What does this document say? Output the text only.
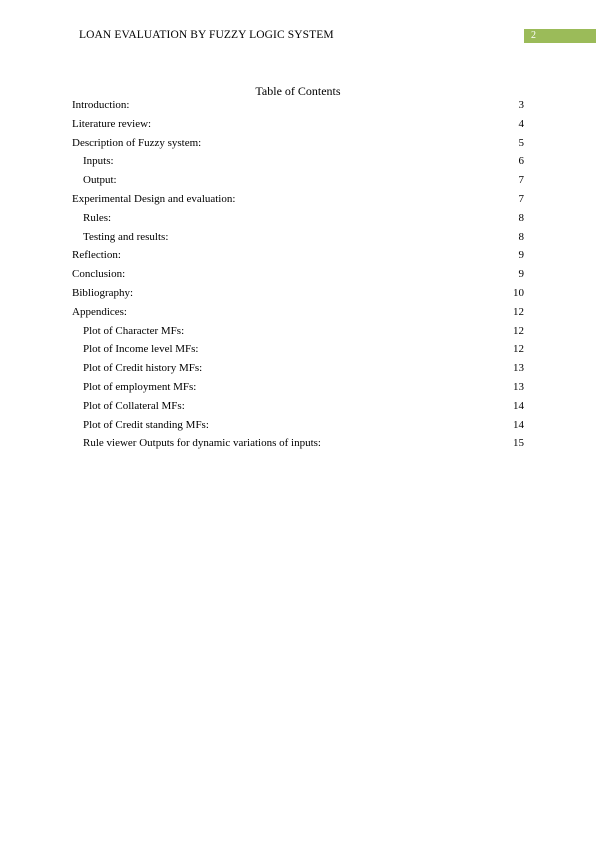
LOAN EVALUATION BY FUZZY LOGIC SYSTEM	2
Table of Contents
Introduction:	3
Literature review:	4
Description of Fuzzy system:	5
Inputs:	6
Output:	7
Experimental Design and evaluation:	7
Rules:	8
Testing and results:	8
Reflection:	9
Conclusion:	9
Bibliography:	10
Appendices:	12
Plot of Character MFs:	12
Plot of Income level MFs:	12
Plot of Credit history MFs:	13
Plot of employment MFs:	13
Plot of Collateral MFs:	14
Plot of Credit standing MFs:	14
Rule viewer Outputs for dynamic variations of inputs:	15
